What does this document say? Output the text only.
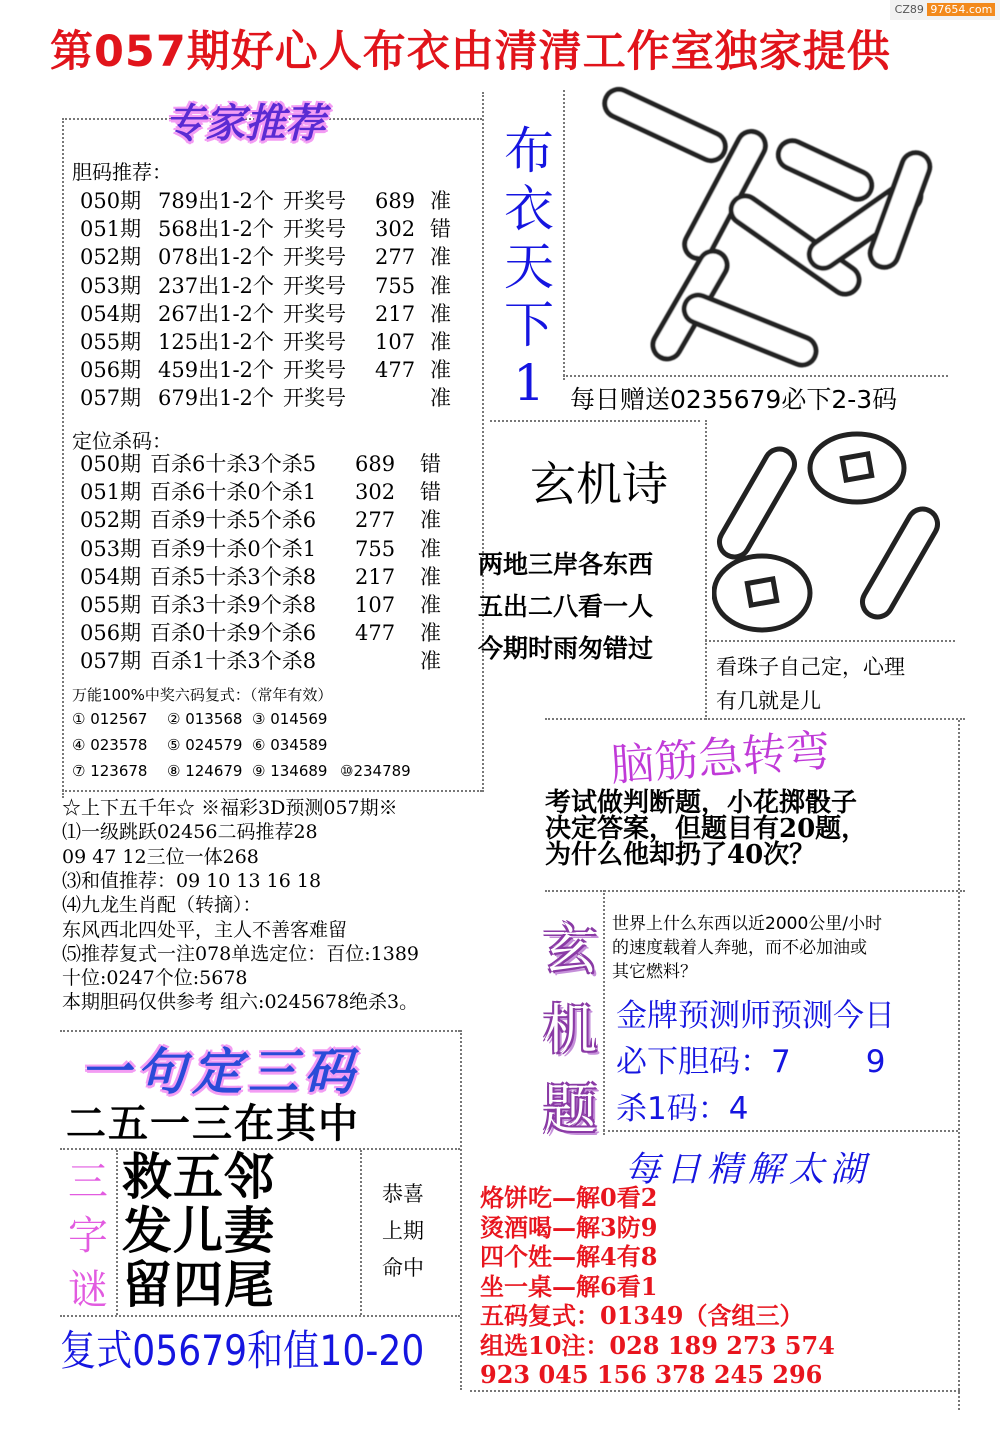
CZ89 97654.com
第057期好心人布衣由清清工作室独家提供
专家推荐
胆码推荐：
050期 789出1-2个 开奖号 689 准
051期 568出1-2个 开奖号 302 错
052期 078出1-2个 开奖号 277 准
053期 237出1-2个 开奖号 755 准
054期 267出1-2个 开奖号 217 准
055期 125出1-2个 开奖号 107 准
056期 459出1-2个 开奖号 477 准
057期 679出1-2个 开奖号	准
定位杀码：
050期 百杀6十杀3个杀5 689 错
051期 百杀6十杀0个杀1 302 错
052期 百杀9十杀5个杀6 277 准
053期 百杀9十杀0个杀1 755 准
054期 百杀5十杀3个杀8 217 准
055期 百杀3十杀9个杀8 107 准
056期 百杀0十杀9个杀6 477 准
057期 百杀1十杀3个杀8	准
万能100%中奖六码复式：（常年有效）
① 012567 ② 013568 ③ 014569
④ 023578 ⑤ 024579 ⑥ 034589
⑦ 123678 ⑧ 124679 ⑨ 134689 ⑩234789
☆上下五千年☆ ※福彩3D预测057期※
⑴一级跳跃02456二码推荐28
09 47 12三位一体268
⑶和值推荐：09 10 13 16 18
⑷九龙生肖配（转摘）：
东风西北四处平，主人不善客难留
⑸推荐复式一注078单选定位：百位:1389
十位:0247个位:5678
本期胆码仅供参考 组六:0245678绝杀3。
布
衣
天
下
1	每日赠送0235679必下2-3码
玄机诗
两地三岸各东西
五出二八看一人
今期时雨匆错过
看珠子自己定，心理
有几就是儿
脑筋急转弯
考试做判断题，小花掷骰子
决定答案，但题目有20题，
为什么他却扔了40次？
玄
机
题
世界上什么东西以近2000公里/小时
的速度载着人奔驰，而不必加油或
其它燃料？
金牌预测师预测今日
必下胆码：7 9
杀1码：4
每日精解太湖
烙饼吃—解0看2
烫酒喝—解3防9
四个姓—解4有8
坐一桌—解6看1
五码复式：01349（含组三）
组选10注：028 189 273 574
923 045 156 378 245 296
一句定三码
二五一三在其中
三
字
谜
救五邻
发儿妻
留四尾
恭喜
上期
命中
复式05679和值10-20
